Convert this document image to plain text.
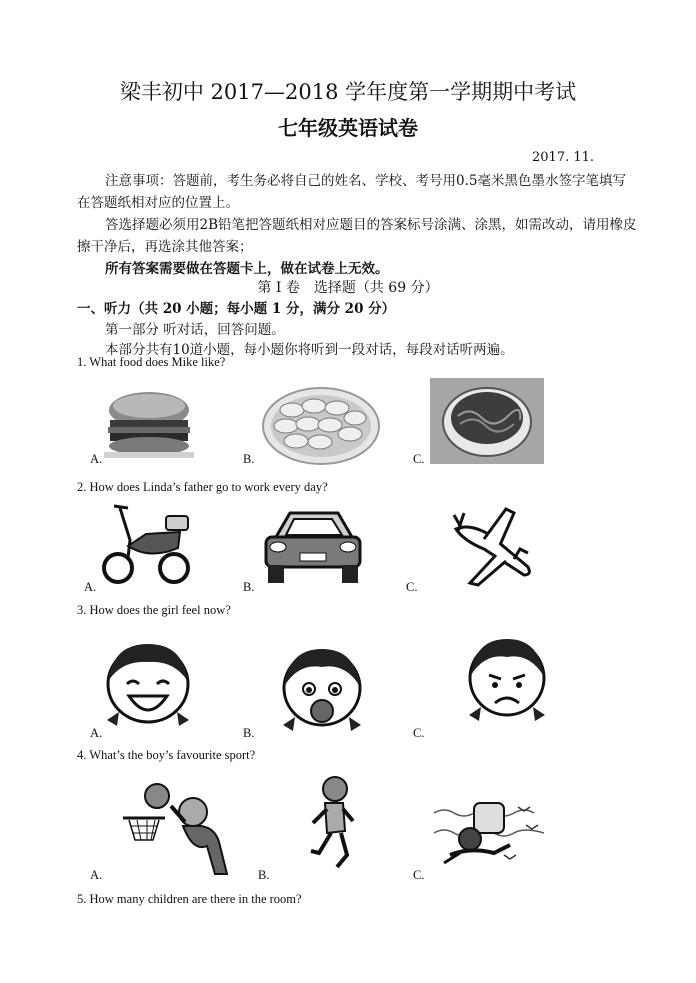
梁丰初中 2017—2018 学年度第一学期期中考试
七年级英语试卷
2017. 11.
注意事项：答题前，考生务必将自己的姓名、学校、考号用0.5毫米黑色墨水签字笔填写在答题纸相对应的位置上。
答选择题必须用2B铅笔把答题纸相对应题目的答案标号涂满、涂黑，如需改动，请用橡皮擦干净后，再选涂其他答案；
所有答案需要做在答题卡上，做在试卷上无效。
第 I 卷　选择题（共 69 分）
一、听力（共 20 小题；每小题 1 分，满分 20 分）
第一部分 听对话，回答问题。
本部分共有10道小题，每小题你将听到一段对话，每段对话听两遍。
1. What food does Mike like?
A.	B.	C.
2. How does Linda’s father go to work every day?
A.	B.	C.
3. How does the girl feel now?
A.	B.	C.
4. What’s the boy’s favourite sport?
A.	B.	C.
5. How many children are there in the room?
